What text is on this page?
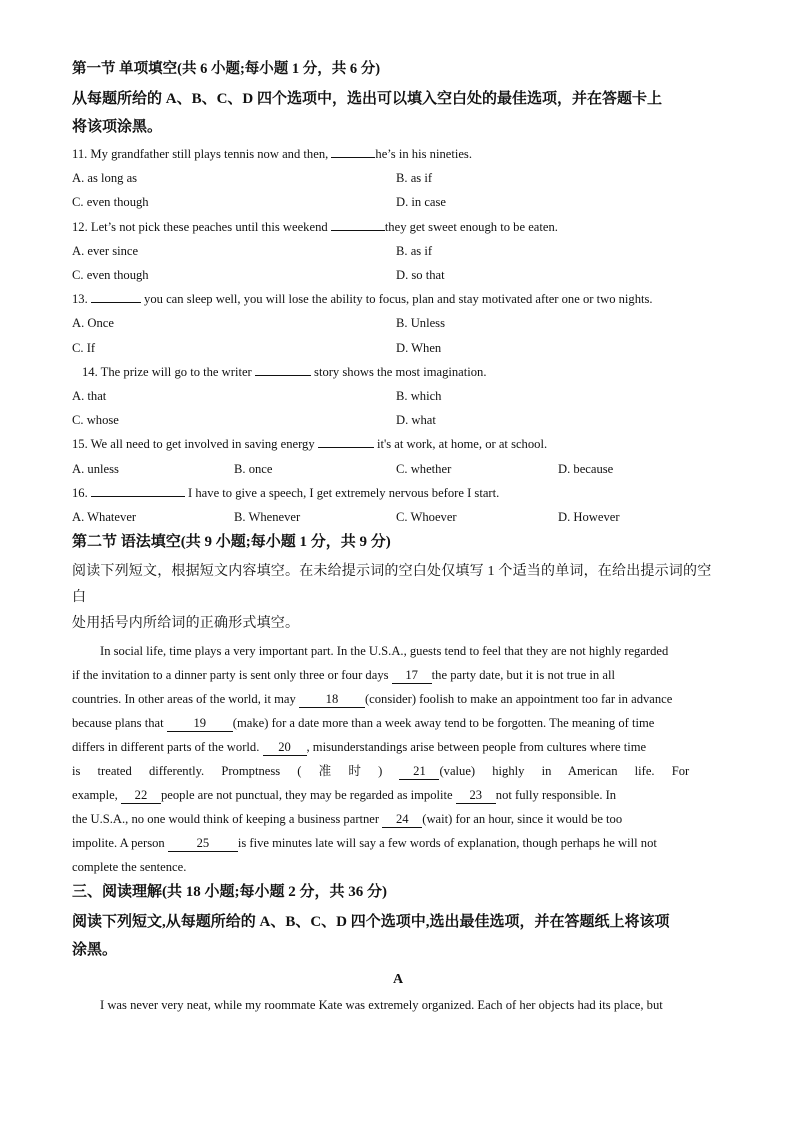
第一节 单项填空(共 6 小题;每小题 1 分，共 6 分)

从每题所给的 A、B、C、D 四个选项中，选出可以填入空白处的最佳选项，并在答题卡上

将该项涂黑。

11. My grandfather still plays tennis now and then,	he’s in his nineties.

A. as long as	B. as if
C. even though	D. in case

12. Let’s not pick these peaches until this weekend	they get sweet enough to be eaten.

A. ever since	B. as if
C. even though	D. so that

13.	you can sleep well, you will lose the ability to focus, plan and stay motivated after one or two nights.

A. Once	B. Unless
C. If	D. When

14. The prize will go to the writer	story shows the most imagination.

A. that	B. which
C. whose	D. what

15. We all need to get involved in saving energy	it's at work, at home, or at school.

A. unless	B. once	C. whether	D. because

16.	I have to give a speech, I get extremely nervous before I start.

A. Whatever	B. Whenever	C. Whoever	D. However

第二节 语法填空(共 9 小题;每小题 1 分，共 9 分)

阅读下列短文，根据短文内容填空。在未给提示词的空白处仅填写 1 个适当的单词，在给出提示词的空白

处用括号内所给词的正确形式填空。

In social life, time plays a very important part. In the U.S.A., guests tend to feel that they are not highly regarded
if the invitation to a dinner party is sent only three or four days 17 the party date, but it is not true in all
countries. In other areas of the world, it may 18 (consider) foolish to make an appointment too far in advance
because plans that 19 (make) for a date more than a week away tend to be forgotten. The meaning of time
differs in different parts of the world. 20 , misunderstandings arise between people from cultures where time
is treated differently. Promptness ( 准 时 ) 21 (value) highly in American life. For
example, 22 people are not punctual, they may be regarded as impolite 23 not fully responsible. In
the U.S.A., no one would think of keeping a business partner 24 (wait) for an hour, since it would be too
impolite. A person 25 is five minutes late will say a few words of explanation, though perhaps he will not
complete the sentence.

三、阅读理解(共 18 小题;每小题 2 分，共 36 分)

阅读下列短文,从每题所给的 A、B、C、D 四个选项中,选出最佳选项，并在答题纸上将该项

涂黑。

A

I was never very neat, while my roommate Kate was extremely organized. Each of her objects had its place, but
